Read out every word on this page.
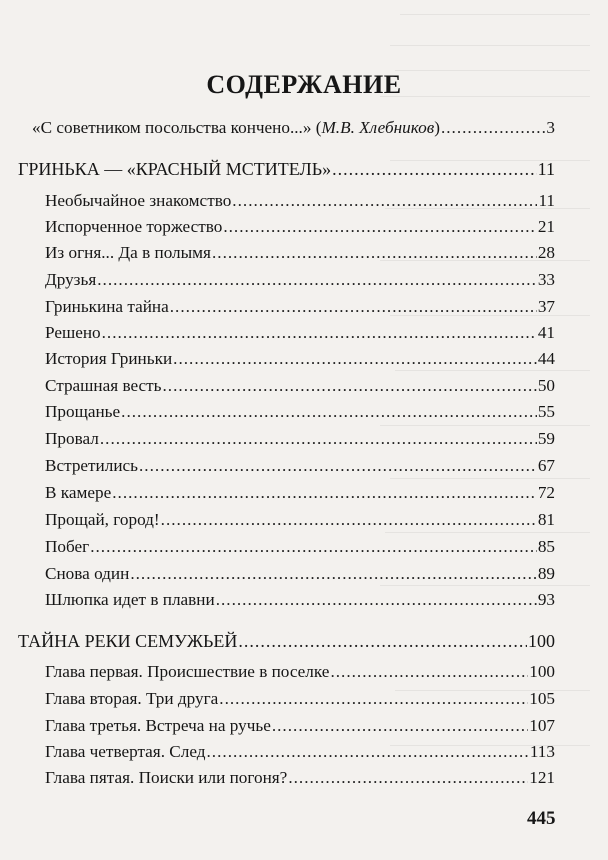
СОДЕРЖАНИЕ
«С советником посольства кончено...» (М.В. Хлебников) .....	3
ГРИНЬКА — «КРАСНЫЙ МСТИТЕЛЬ» .....	11
Необычайное знакомство .....	11
Испорченное торжество .....	21
Из огня... Да в полымя .....	28
Друзья .....	33
Гринькина тайна .....	37
Решено .....	41
История Гриньки .....	44
Страшная весть .....	50
Прощанье .....	55
Провал .....	59
Встретились .....	67
В камере .....	72
Прощай, город! .....	81
Побег .....	85
Снова один .....	89
Шлюпка идет в плавни .....	93
ТАЙНА РЕКИ СЕМУЖЬЕЙ .....	100
Глава первая. Происшествие в поселке .....	100
Глава вторая. Три друга .....	105
Глава третья. Встреча на ручье .....	107
Глава четвертая. След .....	113
Глава пятая. Поиски или погоня? .....	121
445
